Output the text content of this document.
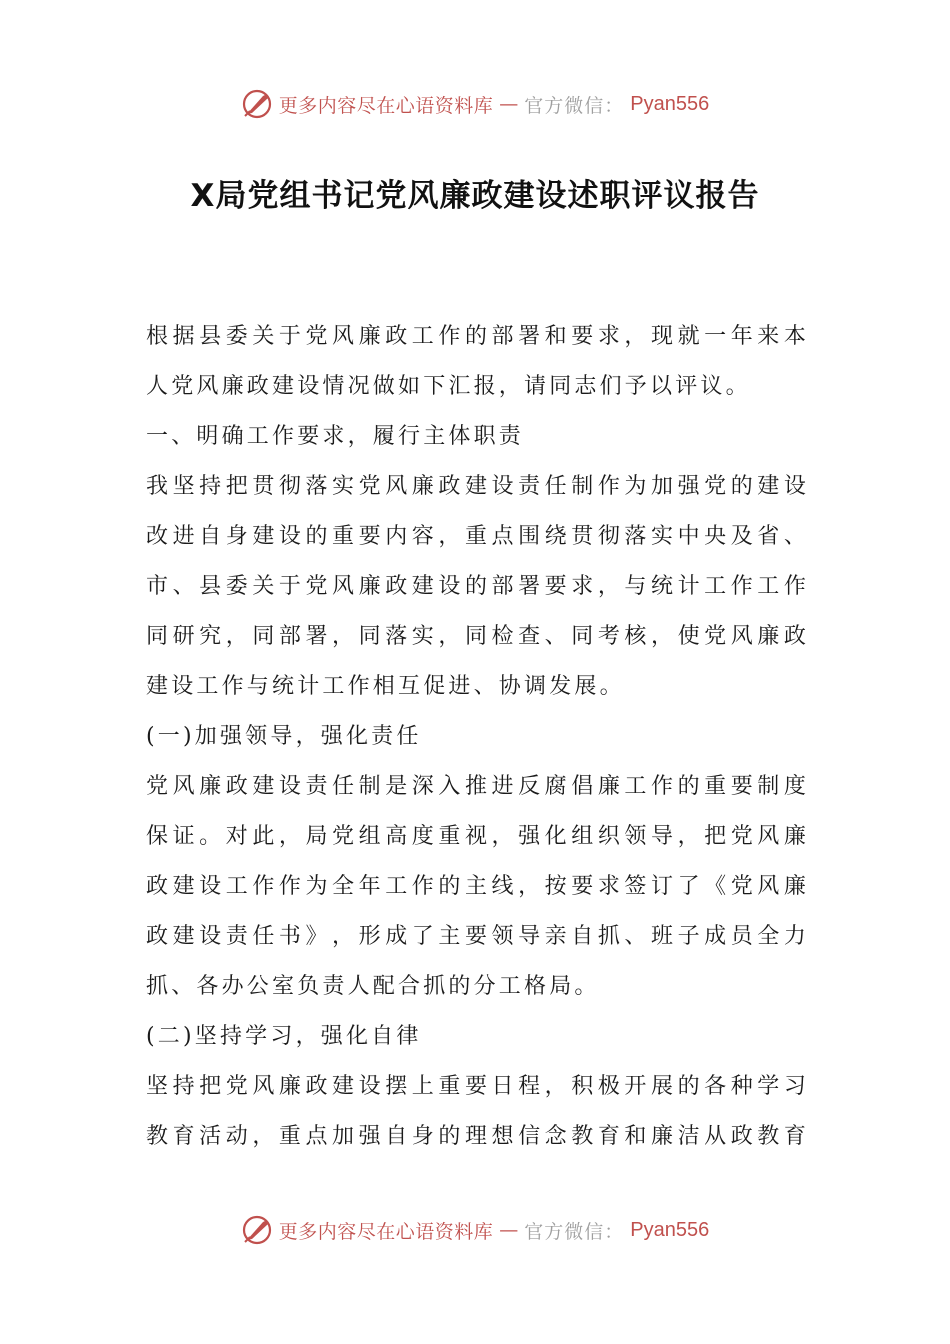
更多内容尽在心语资料库 — 官方微信： Pyan556
X局党组书记党风廉政建设述职评议报告
根 据 县 委 关 于 党 风 廉 政 工 作 的 部 署 和 要 求 ， 现 就 一 年 来 本
人党风廉政建设情况做如下汇报，请同志们予以评议。
一、明确工作要求，履行主体职责
我 坚 持 把 贯 彻 落 实 党 风 廉 政 建 设 责 任 制 作 为 加 强 党 的 建 设
改 进 自 身 建 设 的 重 要 内 容 ， 重 点 围 绕 贯 彻 落 实 中 央 及 省 、
市 、 县 委 关 于 党 风 廉 政 建 设 的 部 署 要 求 ， 与 统 计 工 作 工 作
同 研 究 ， 同 部 署 ， 同 落 实 ， 同 检 查 、 同 考 核 ， 使 党 风 廉 政
建设工作与统计工作相互促进、协调发展。
(一)加强领导，强化责任
党 风 廉 政 建 设 责 任 制 是 深 入 推 进 反 腐 倡 廉 工 作 的 重 要 制 度
保 证 。 对 此 ， 局 党 组 高 度 重 视 ， 强 化 组 织 领 导 ， 把 党 风 廉
政 建 设 工 作 作 为 全 年 工 作 的 主 线 ， 按 要 求 签 订 了 《 党 风 廉
政 建 设 责 任 书 》 ， 形 成 了 主 要 领 导 亲 自 抓 、 班 子 成 员 全 力
抓、各办公室负责人配合抓的分工格局。
(二)坚持学习，强化自律
坚 持 把 党 风 廉 政 建 设 摆 上 重 要 日 程 ， 积 极 开 展 的 各 种 学 习
教 育 活 动 ， 重 点 加 强 自 身 的 理 想 信 念 教 育 和 廉 洁 从 政 教 育
更多内容尽在心语资料库 — 官方微信： Pyan556
